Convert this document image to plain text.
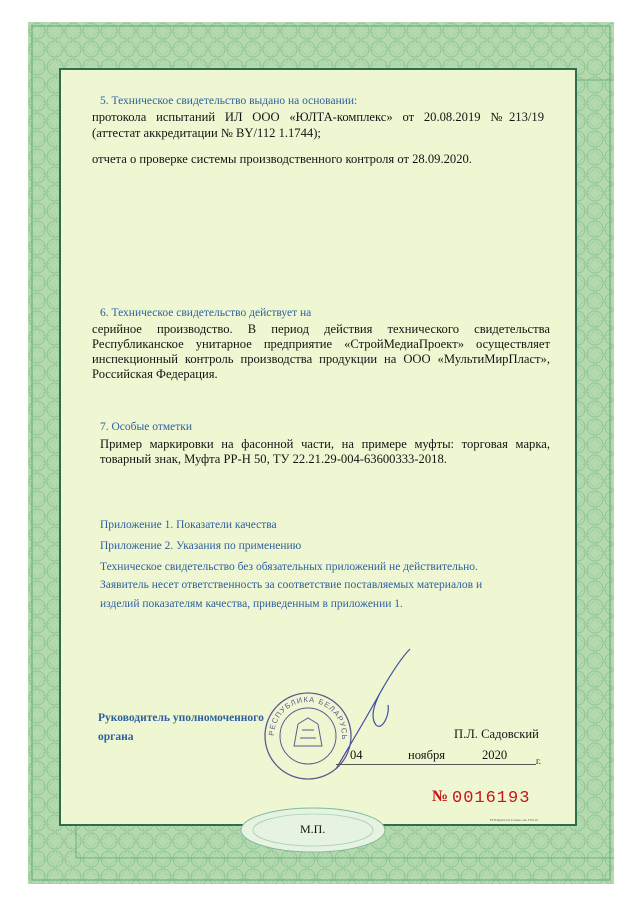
5. Техническое свидетельство выдано на основании:
протокола испытаний ИЛ ООО «ЮЛТА-комплекс» от 20.08.2019 №213/19
(аттестат аккредитации № BY/112 1.1744);
отчета о проверке системы производственного контроля от 28.09.2020.
6. Техническое свидетельство действует на
серийное производство. В период действия технического свидетельства Республиканское унитарное предприятие «СтройМедиаПроект» осуществляет инспекционный контроль производства продукции на ООО «МультиМирПласт», Российская Федерация.
7. Особые отметки
Пример маркировки на фасонной части, на примере муфты: торговая марка, товарный знак, Муфта РР-Н 50, ТУ 22.21.29-004-63600333-2018.
Приложение 1. Показатели качества
Приложение 2. Указания по применению
Техническое свидетельство без обязательных приложений не действительно.
Заявитель несет ответственность за соответствие поставляемых материалов и
изделий показателям качества, приведенным в приложении 1.
РЕСПУБЛИКА БЕЛАРУСЬ
Руководитель уполномоченного
органа	П.Л. Садовский
04	ноября	2020	г.
№ 0016193
М.П.
РУП Криптотех Гознака, зак. 3354-19
